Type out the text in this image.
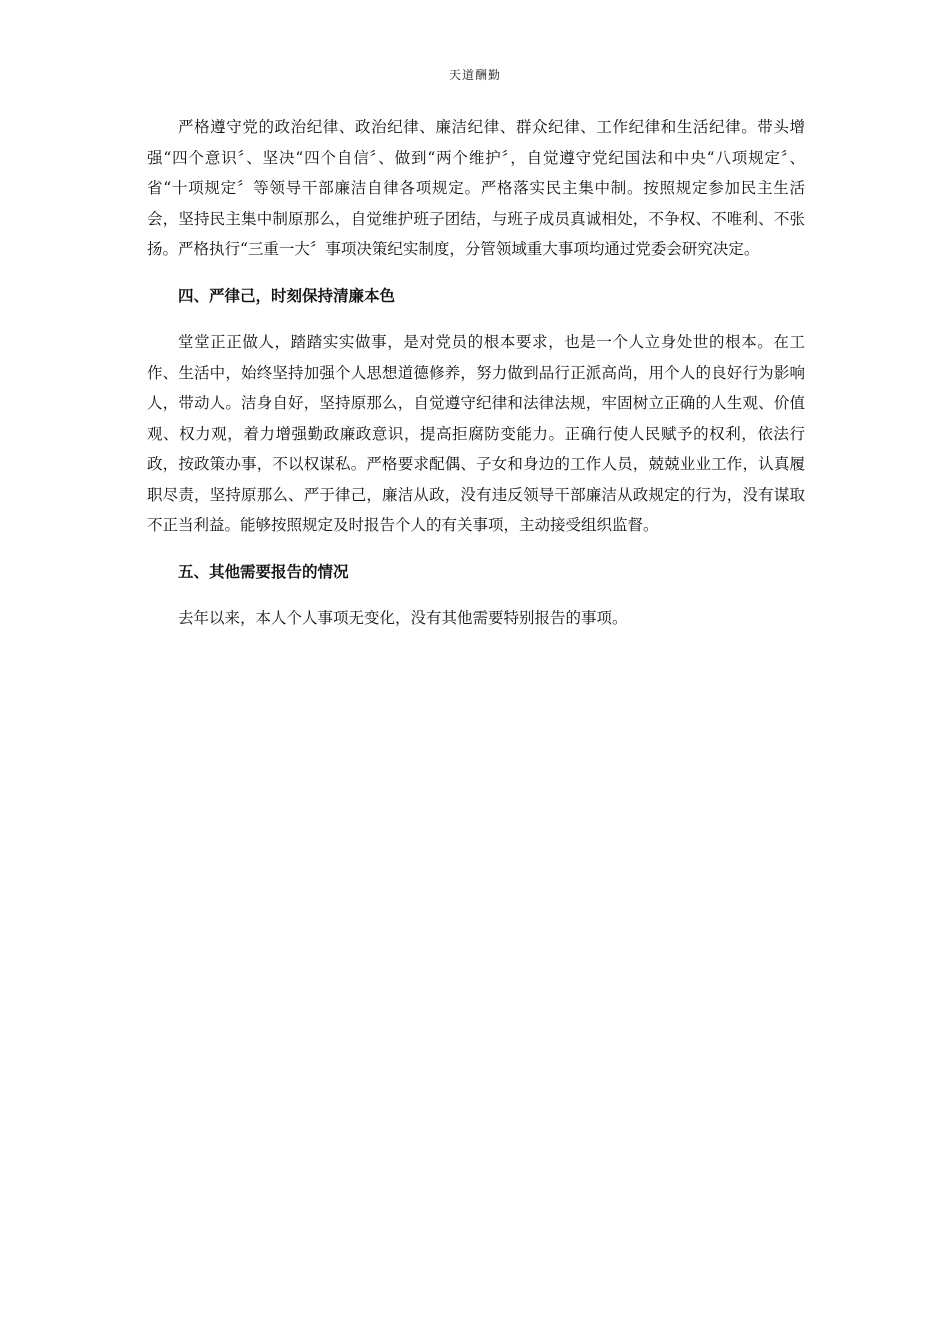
天道酬勤

严格遵守党的政治纪律、政治纪律、廉洁纪律、群众纪律、工作纪律和生活纪律。带头增强“四个意识〞、坚决“四个自信〞、做到“两个维护〞，自觉遵守党纪国法和中央“八项规定〞、省“十项规定〞等领导干部廉洁自律各项规定。严格落实民主集中制。按照规定参加民主生活会，坚持民主集中制原那么，自觉维护班子团结，与班子成员真诚相处，不争权、不唯利、不张扬。严格执行“三重一大〞事项决策纪实制度，分管领域重大事项均通过党委会研究决定。

四、严律己，时刻保持清廉本色

堂堂正正做人，踏踏实实做事，是对党员的根本要求，也是一个人立身处世的根本。在工作、生活中，始终坚持加强个人思想道德修养，努力做到品行正派高尚，用个人的良好行为影响人，带动人。洁身自好，坚持原那么，自觉遵守纪律和法律法规，牢固树立正确的人生观、价值观、权力观，着力增强勤政廉政意识，提高拒腐防变能力。正确行使人民赋予的权利，依法行政，按政策办事，不以权谋私。严格要求配偶、子女和身边的工作人员，兢兢业业工作，认真履职尽责，坚持原那么、严于律己，廉洁从政，没有违反领导干部廉洁从政规定的行为，没有谋取不正当利益。能够按照规定及时报告个人的有关事项，主动接受组织监督。

五、其他需要报告的情况

去年以来，本人个人事项无变化，没有其他需要特别报告的事项。
